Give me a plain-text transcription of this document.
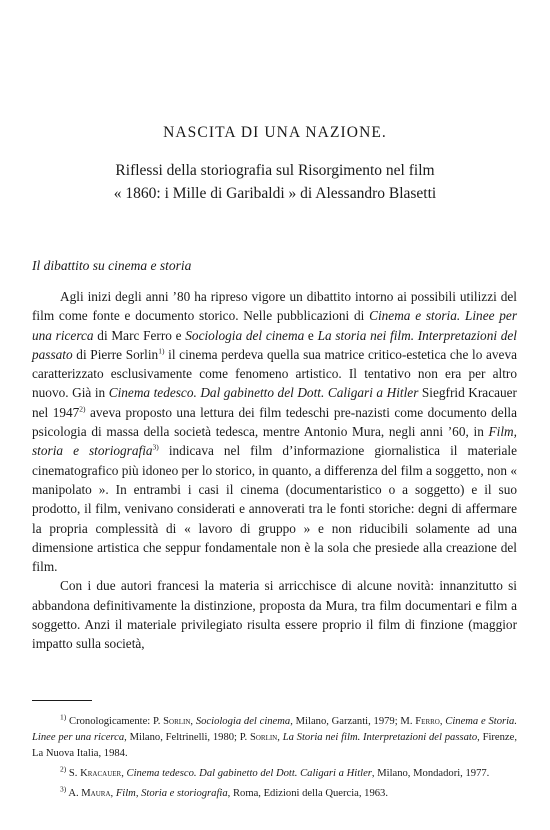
NASCITA DI UNA NAZIONE.
Riflessi della storiografia sul Risorgimento nel film
« 1860: i Mille di Garibaldi » di Alessandro Blasetti
Il dibattito su cinema e storia

Agli inizi degli anni ’80 ha ripreso vigore un dibattito intorno ai possibili utilizzi del film come fonte e documento storico. Nelle pubblicazioni di Cinema e storia. Linee per una ricerca di Marc Ferro e Sociologia del cinema e La storia nei film. Interpretazioni del passato di Pierre Sorlin$^{1)}$ il cinema perdeva quella sua matrice critico-estetica che lo aveva caratterizzato esclusivamente come fenomeno artistico. Il tentativo non era per altro nuovo. Già in Cinema tedesco. Dal gabinetto del Dott. Caligari a Hitler Siegfrid Kracauer nel 1947$^{2)}$ aveva proposto una lettura dei film tedeschi pre-nazisti come documento della psicologia di massa della società tedesca, mentre Antonio Mura, negli anni ’60, in Film, storia e storiografia$^{3)}$ indicava nel film d’informazione giornalistica il materiale cinematografico più idoneo per lo storico, in quanto, a differenza del film a soggetto, non « manipolato ». In entrambi i casi il cinema (documentaristico o a soggetto) e il suo prodotto, il film, venivano considerati e annoverati tra le fonti storiche: degni di affermare la propria complessità di « lavoro di gruppo » e non riducibili solamente ad una dimensione artistica che seppur fondamentale non è la sola che presiede alla creazione del film.

Con i due autori francesi la materia si arricchisce di alcune novità: innanzitutto si abbandona definitivamente la distinzione, proposta da Mura, tra film documentari e film a soggetto. Anzi il materiale privilegiato risulta essere proprio il film di finzione (maggior impatto sulla società,

$^{1)}$ Cronologicamente: P. Sorlin, Sociologia del cinema, Milano, Garzanti, 1979; M. Ferro, Cinema e Storia. Linee per una ricerca, Milano, Feltrinelli, 1980; P. Sorlin, La Storia nei film. Interpretazioni del passato, Firenze, La Nuova Italia, 1984.

$^{2)}$ S. Kracauer, Cinema tedesco. Dal gabinetto del Dott. Caligari a Hitler, Milano, Mondadori, 1977.

$^{3)}$ A. Maura, Film, Storia e storiografia, Roma, Edizioni della Quercia, 1963.
